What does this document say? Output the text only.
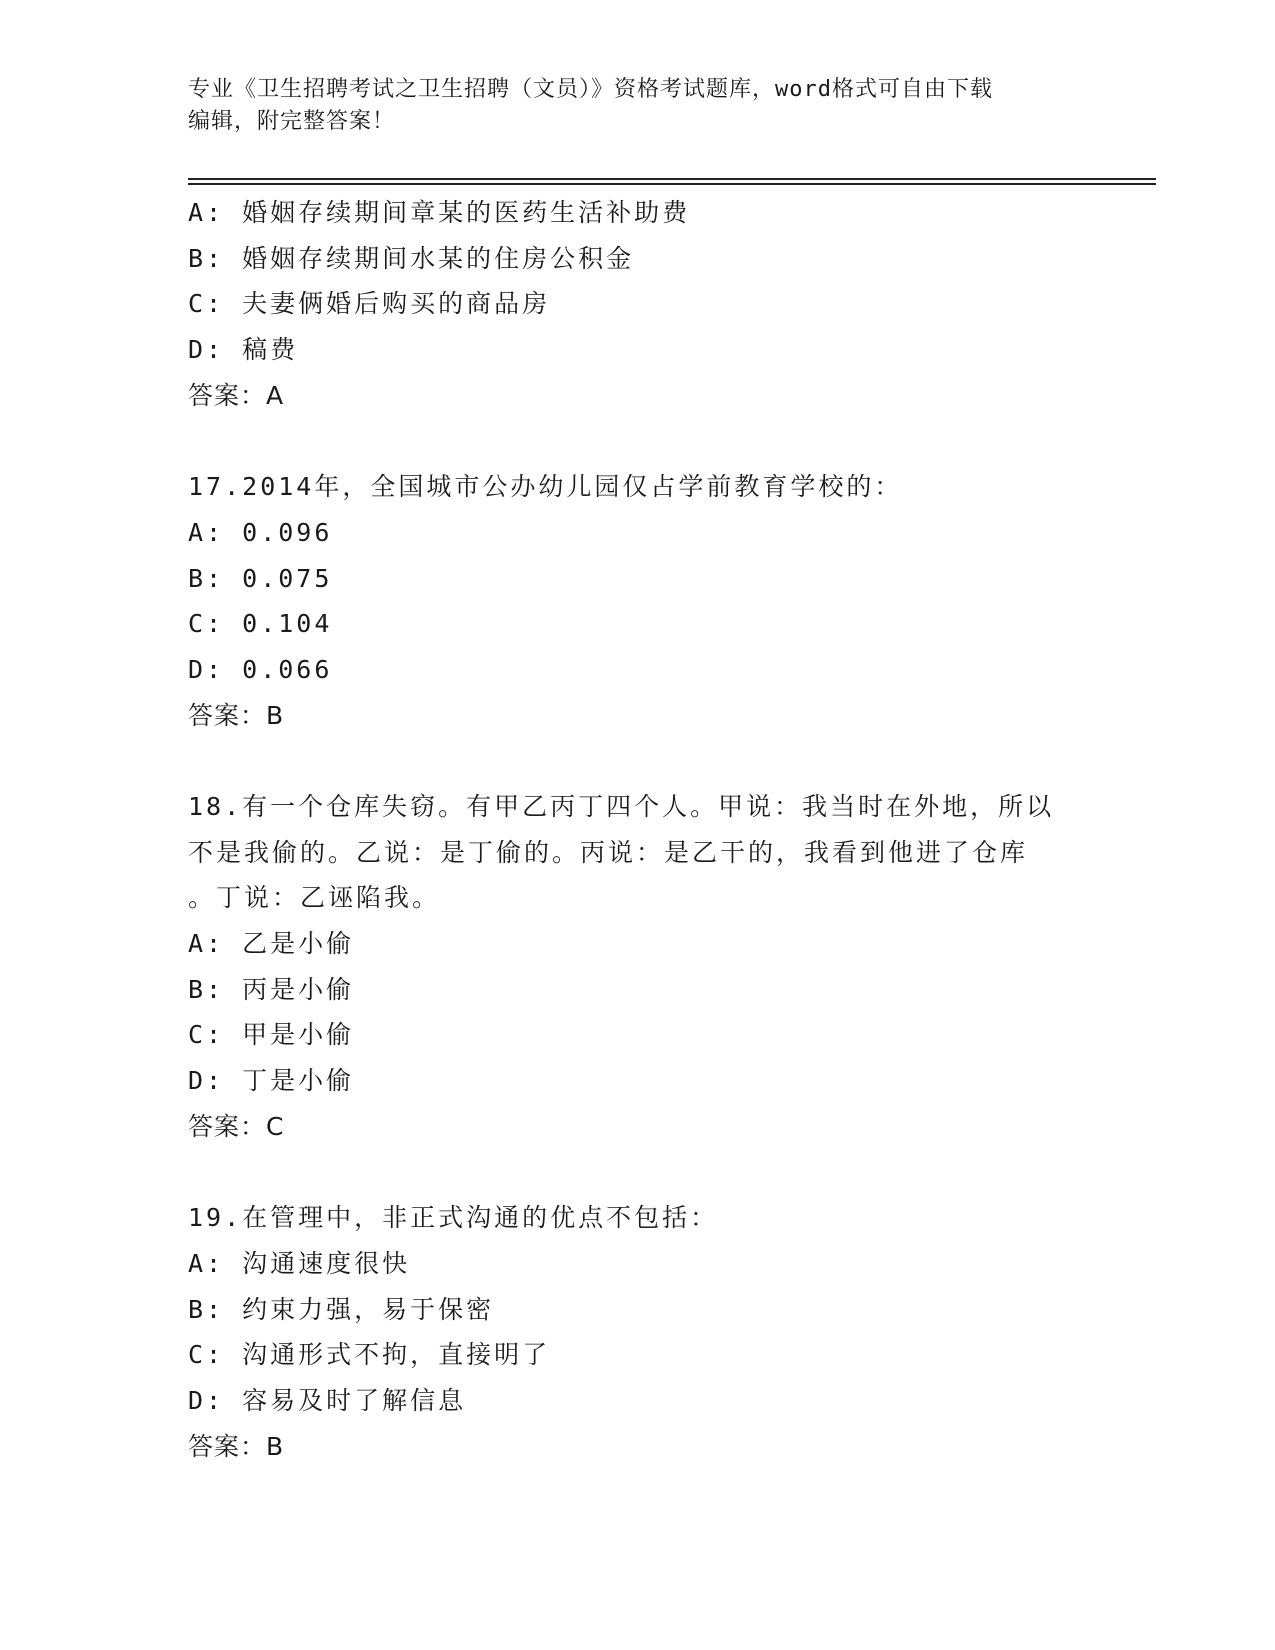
专业《卫生招聘考试之卫生招聘（文员）》资格考试题库，word格式可自由下载
编辑，附完整答案！
A: 婚姻存续期间章某的医药生活补助费
B: 婚姻存续期间水某的住房公积金
C: 夫妻俩婚后购买的商品房
D: 稿费
答案：A
17.2014年，全国城市公办幼儿园仅占学前教育学校的：
A: 0.096
B: 0.075
C: 0.104
D: 0.066
答案：B
18.有一个仓库失窃。有甲乙丙丁四个人。甲说：我当时在外地，所以
不是我偷的。乙说：是丁偷的。丙说：是乙干的，我看到他进了仓库
。丁说：乙诬陷我。
A: 乙是小偷
B: 丙是小偷
C: 甲是小偷
D: 丁是小偷
答案：C
19.在管理中，非正式沟通的优点不包括：
A: 沟通速度很快
B: 约束力强，易于保密
C: 沟通形式不拘，直接明了
D: 容易及时了解信息
答案：B
